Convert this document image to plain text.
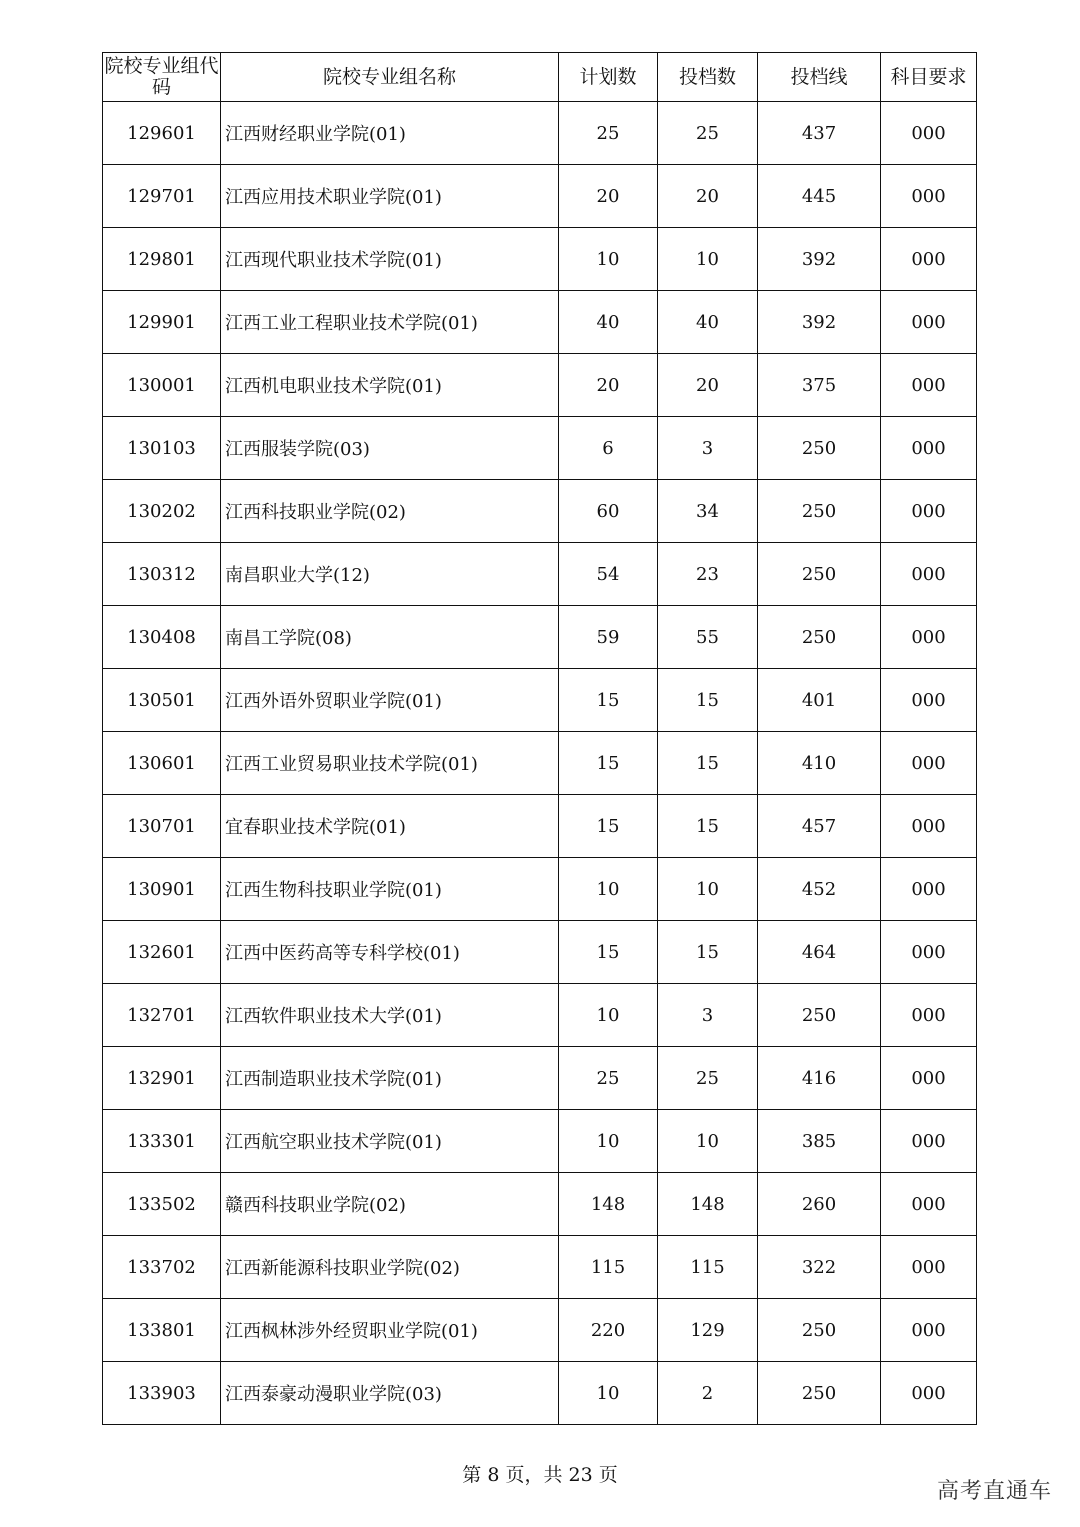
院校专业组代码	院校专业组名称	计划数	投档数	投档线	科目要求
129601	江西财经职业学院(01)	25	25	437	000
129701	江西应用技术职业学院(01)	20	20	445	000
129801	江西现代职业技术学院(01)	10	10	392	000
129901	江西工业工程职业技术学院(01)	40	40	392	000
130001	江西机电职业技术学院(01)	20	20	375	000
130103	江西服装学院(03)	6	3	250	000
130202	江西科技职业学院(02)	60	34	250	000
130312	南昌职业大学(12)	54	23	250	000
130408	南昌工学院(08)	59	55	250	000
130501	江西外语外贸职业学院(01)	15	15	401	000
130601	江西工业贸易职业技术学院(01)	15	15	410	000
130701	宜春职业技术学院(01)	15	15	457	000
130901	江西生物科技职业学院(01)	10	10	452	000
132601	江西中医药高等专科学校(01)	15	15	464	000
132701	江西软件职业技术大学(01)	10	3	250	000
132901	江西制造职业技术学院(01)	25	25	416	000
133301	江西航空职业技术学院(01)	10	10	385	000
133502	赣西科技职业学院(02)	148	148	260	000
133702	江西新能源科技职业学院(02)	115	115	322	000
133801	江西枫林涉外经贸职业学院(01)	220	129	250	000
133903	江西泰豪动漫职业学院(03)	10	2	250	000
第 8 页，共 23 页
高考直通车
